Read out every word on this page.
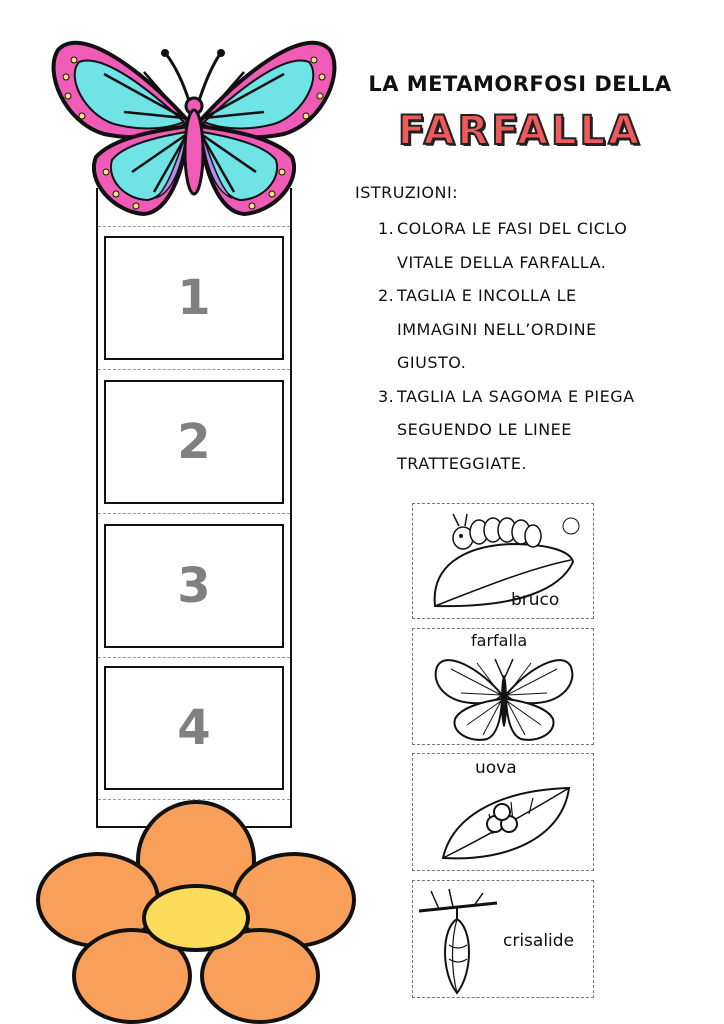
LA METAMORFOSI DELLA
FARFALLA
ISTRUZIONI:
1. COLORA LE FASI DEL CICLO
VITALE DELLA FARFALLA.
2. TAGLIA E INCOLLA LE
IMMAGINI NELL’ORDINE
GIUSTO.
3. TAGLIA LA SAGOMA E PIEGA
SEGUENDO LE LINEE
TRATTEGGIATE.
1
2
3
4
bruco
farfalla
uova
crisalide
